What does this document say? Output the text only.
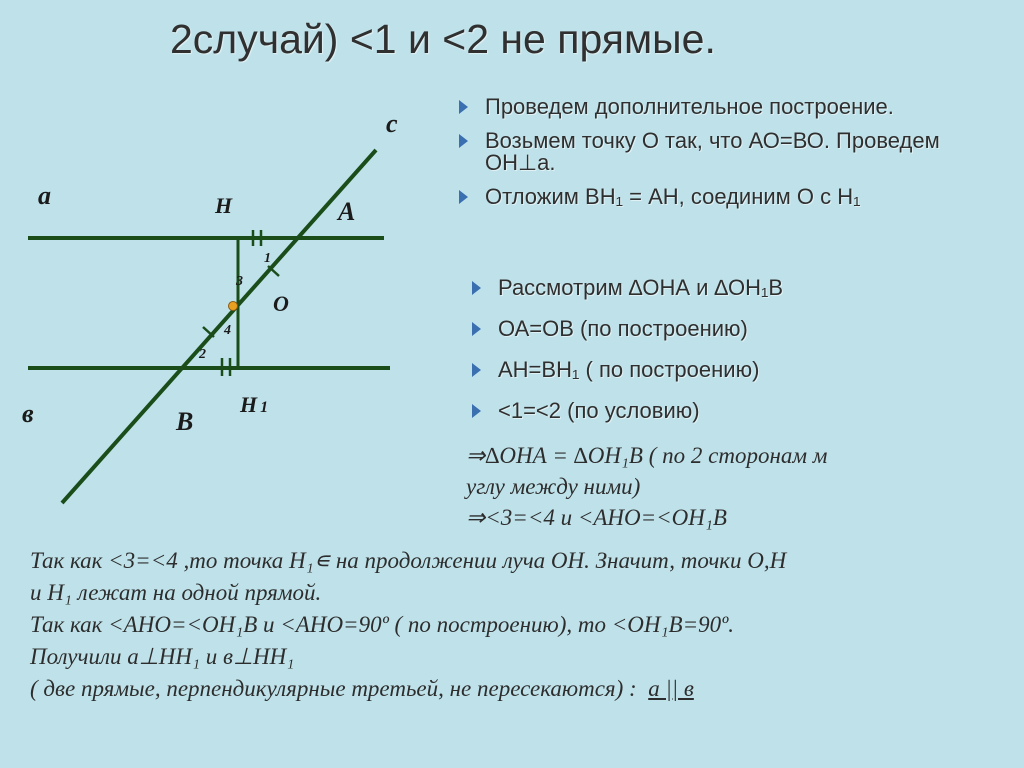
2случай) <1 и <2 не прямые.
а
в
с
Н	А
О
В
Н 1
1
3
4
2
Проведем дополнительное построение.
Возьмем точку О так, что АО=ВО. Проведем ОН⊥а.
Отложим ВН₁ = АН, соединим О с Н₁
Рассмотрим ∆ОНА и ∆ОН₁В
ОА=ОВ (по построению)
АН=ВН₁ ( по построению)
<1=<2 (по условию)
⇒∆ОНА = ∆ОН₁В ( по 2 сторонам м
углу между ними)
⇒<3=<4 и <АНО=<ОН₁В
Так как <3=<4 ,то точка Н₁∊ на продолжении луча ОН. Значит, точки О,Н
и Н₁ лежат на одной прямой.
Так как <АНО=<ОН₁В и <АНО=90º ( по построению), то <ОН₁В=90º.
Получили а⊥НН₁ и в⊥НН₁
( две прямые, перпендикулярные третьей, не пересекаются) : а || в
